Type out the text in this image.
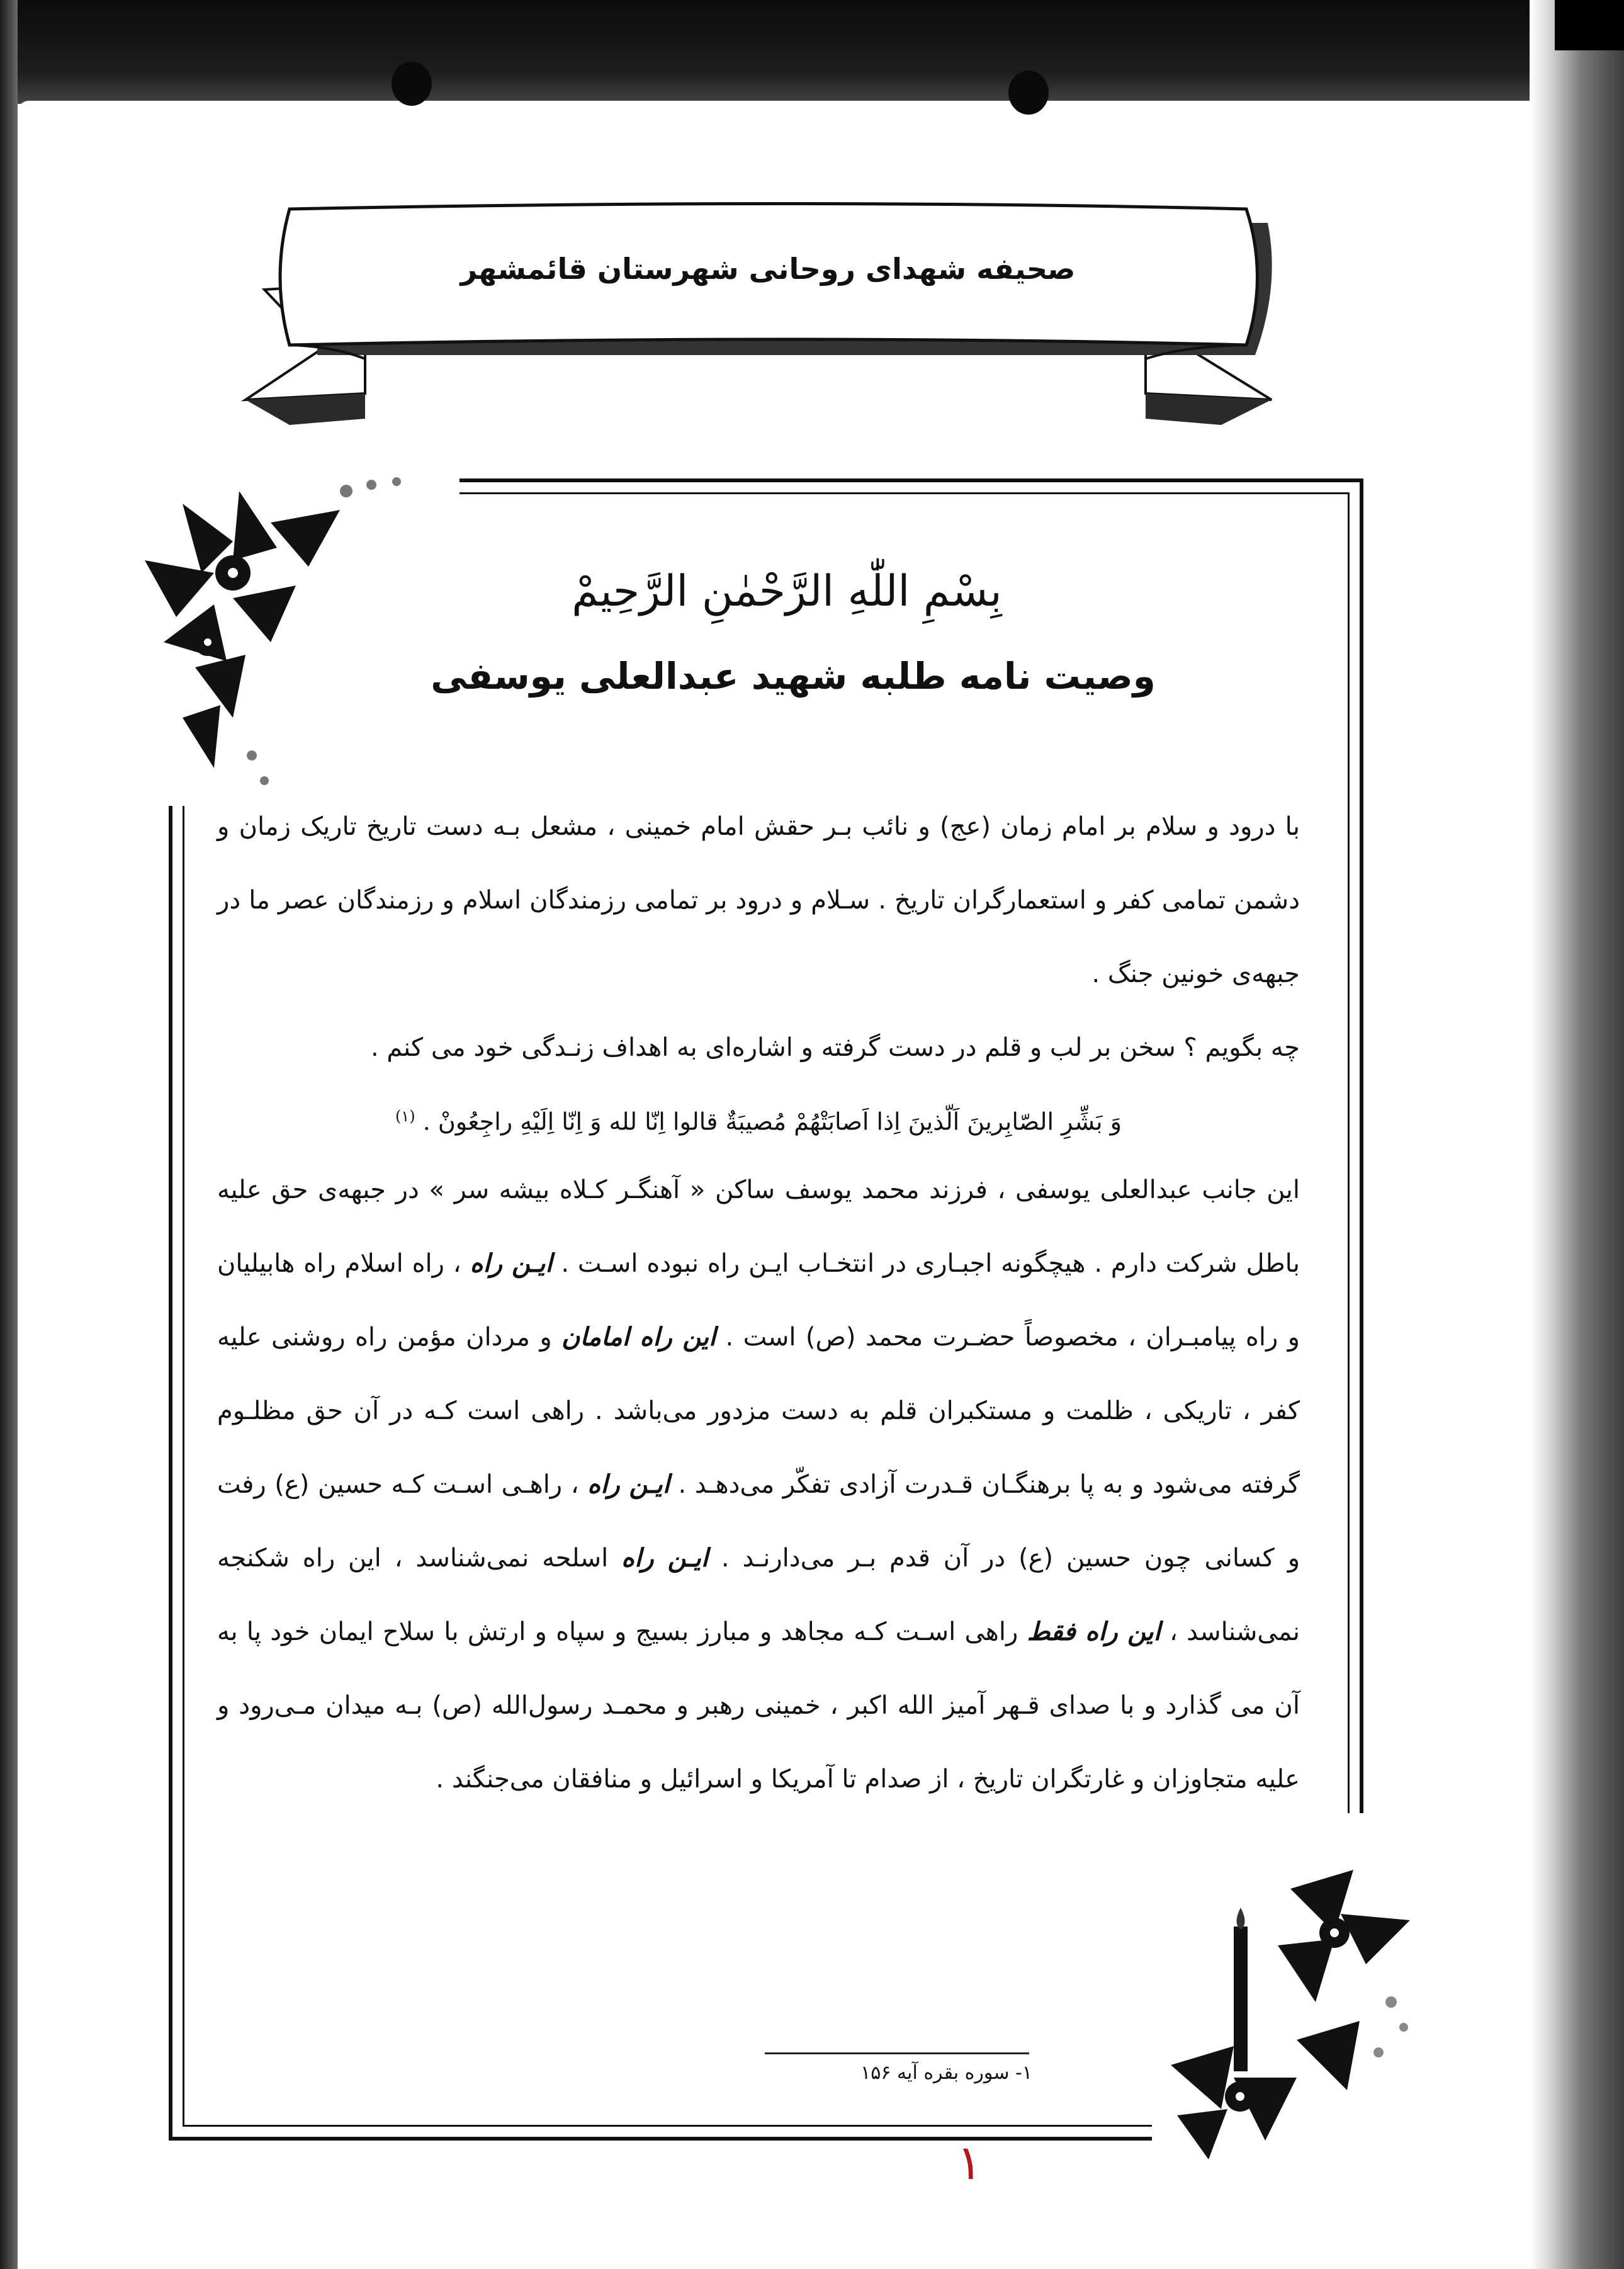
صحیفه شهدای روحانی شهرستان قائمشهر
بِسْمِ اللّٰهِ الرَّحْمٰنِ الرَّحِیمْ
وصیت نامه طلبه شهید عبدالعلی یوسفی

با درود و سلام بر امام زمان (عج) و نائب بـر حقش امام خمینی ، مشعل بـه دست تاریخ تاریک زمان و دشمن تمامی کفر و استعمارگران تاریخ . سـلام و درود بر تمامی رزمندگان اسلام و رزمندگان عصر ما در جبهه‌ی خونین جنگ .

چه بگویم ؟ سخن بر لب و قلم در دست گرفته و اشاره‌ای به اهداف زنـدگی خود می کنم .

وَ بَشِّرِ الصّابِرینَ اَلّذینَ اِذا اَصابَتْهُمْ مُصیبَةٌ قالوا اِنّا لله وَ اِنّا اِلَیْهِ راجِعُونْ . $^{(۱)}$

این جانب عبدالعلی یوسفی ، فرزند محمد یوسف ساکن « آهنگـر کـلاه بیشه سر » در جبهه‌ی حق علیه باطل شرکت دارم . هیچگونه اجبـاری در انتخـاب ایـن راه نبوده اسـت . ایـن راه ، راه اسلام راه هابیلیان و راه پیامبـران ، مخصوصاً حضـرت محمد (ص) است . این راه امامان و مردان مؤمن راه روشنی علیه کفر ، تاریکی ، ظلمت و مستکبران قلم به دست مزدور می‌باشد . راهی است کـه در آن حق مظلـوم گرفته می‌شود و به پا برهنگـان قـدرت آزادی تفکّر می‌دهـد . ایـن راه ، راهـی اسـت کـه حسین (ع) رفت و کسانی چون حسین (ع) در آن قدم بـر می‌دارنـد . ایـن راه اسلحه نمی‌شناسد ، این راه شکنجه نمی‌شناسد ، این راه فقط راهی اسـت کـه مجاهد و مبارز بسیج و سپاه و ارتش با سلاح ایمان خود پا به آن می گذارد و با صدای قـهر آمیز الله اکبر ، خمینی رهبر و محمـد رسول‌الله (ص) بـه میدان مـی‌رود و علیه متجاوزان و غارتگران تاریخ ، از صدام تا آمریکا و اسرائیل و منافقان می‌جنگند .

۱- سوره بقره آیه ۱۵۶
۱
